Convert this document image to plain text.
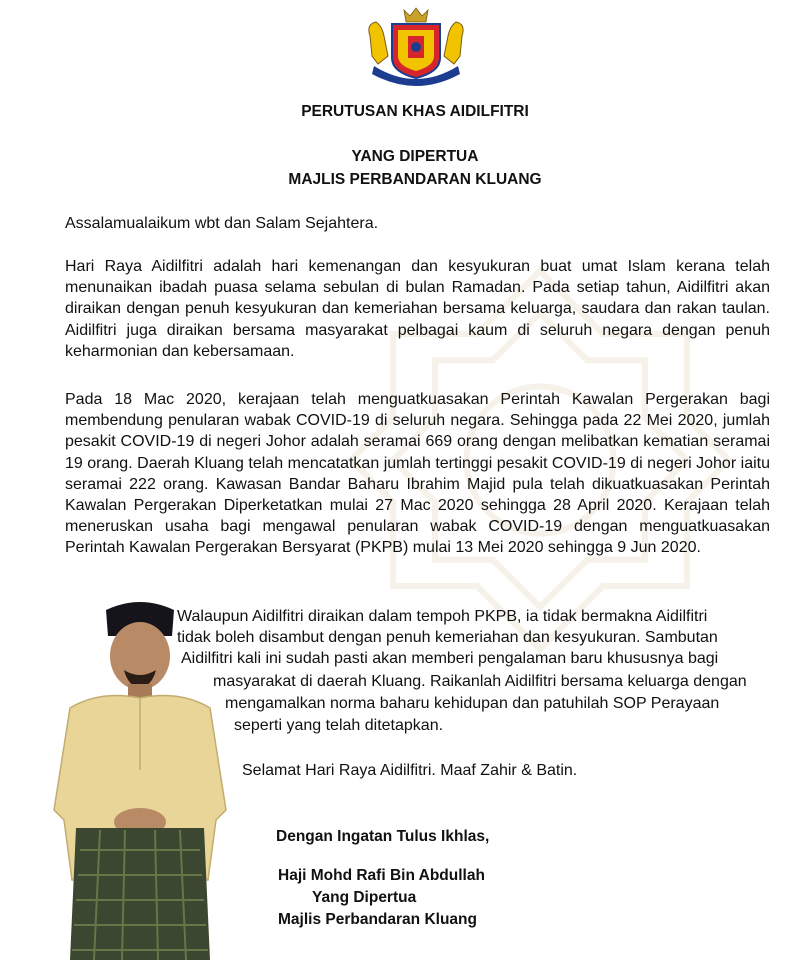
PERUTUSAN KHAS AIDILFITRI
YANG DIPERTUA
MAJLIS PERBANDARAN KLUANG
Assalamualaikum wbt dan Salam Sejahtera.
Hari Raya Aidilfitri adalah hari kemenangan dan kesyukuran buat umat Islam kerana telah menunaikan ibadah puasa selama sebulan di bulan Ramadan. Pada setiap tahun, Aidilfitri akan diraikan dengan penuh kesyukuran dan kemeriahan bersama keluarga, saudara dan rakan taulan. Aidilfitri juga diraikan bersama masyarakat pelbagai kaum di seluruh negara dengan penuh keharmonian dan kebersamaan.
Pada 18 Mac 2020, kerajaan telah menguatkuasakan Perintah Kawalan Pergerakan bagi membendung penularan wabak COVID-19 di seluruh negara. Sehingga pada 22 Mei 2020, jumlah pesakit COVID-19 di negeri Johor adalah seramai 669 orang dengan melibatkan kematian seramai 19 orang. Daerah Kluang telah mencatatkan jumlah tertinggi pesakit COVID-19 di negeri Johor iaitu seramai 222 orang. Kawasan Bandar Baharu Ibrahim Majid pula telah dikuatkuasakan Perintah Kawalan Pergerakan Diperketatkan mulai 27 Mac 2020 sehingga 28 April 2020. Kerajaan telah meneruskan usaha bagi mengawal penularan wabak COVID-19 dengan menguatkuasakan Perintah Kawalan Pergerakan Bersyarat (PKPB) mulai 13 Mei 2020 sehingga 9 Jun 2020.
Walaupun Aidilfitri diraikan dalam tempoh PKPB, ia tidak bermakna Aidilfitri
tidak boleh disambut dengan penuh kemeriahan dan kesyukuran. Sambutan
Aidilfitri kali ini sudah pasti akan memberi pengalaman baru khususnya bagi
masyarakat di daerah Kluang. Raikanlah Aidilfitri bersama keluarga dengan
mengamalkan norma baharu kehidupan dan patuhilah SOP Perayaan
seperti yang telah ditetapkan.
Selamat Hari Raya Aidilfitri. Maaf Zahir & Batin.
Dengan Ingatan Tulus Ikhlas,
Haji Mohd Rafi Bin Abdullah
Yang Dipertua
Majlis Perbandaran Kluang
